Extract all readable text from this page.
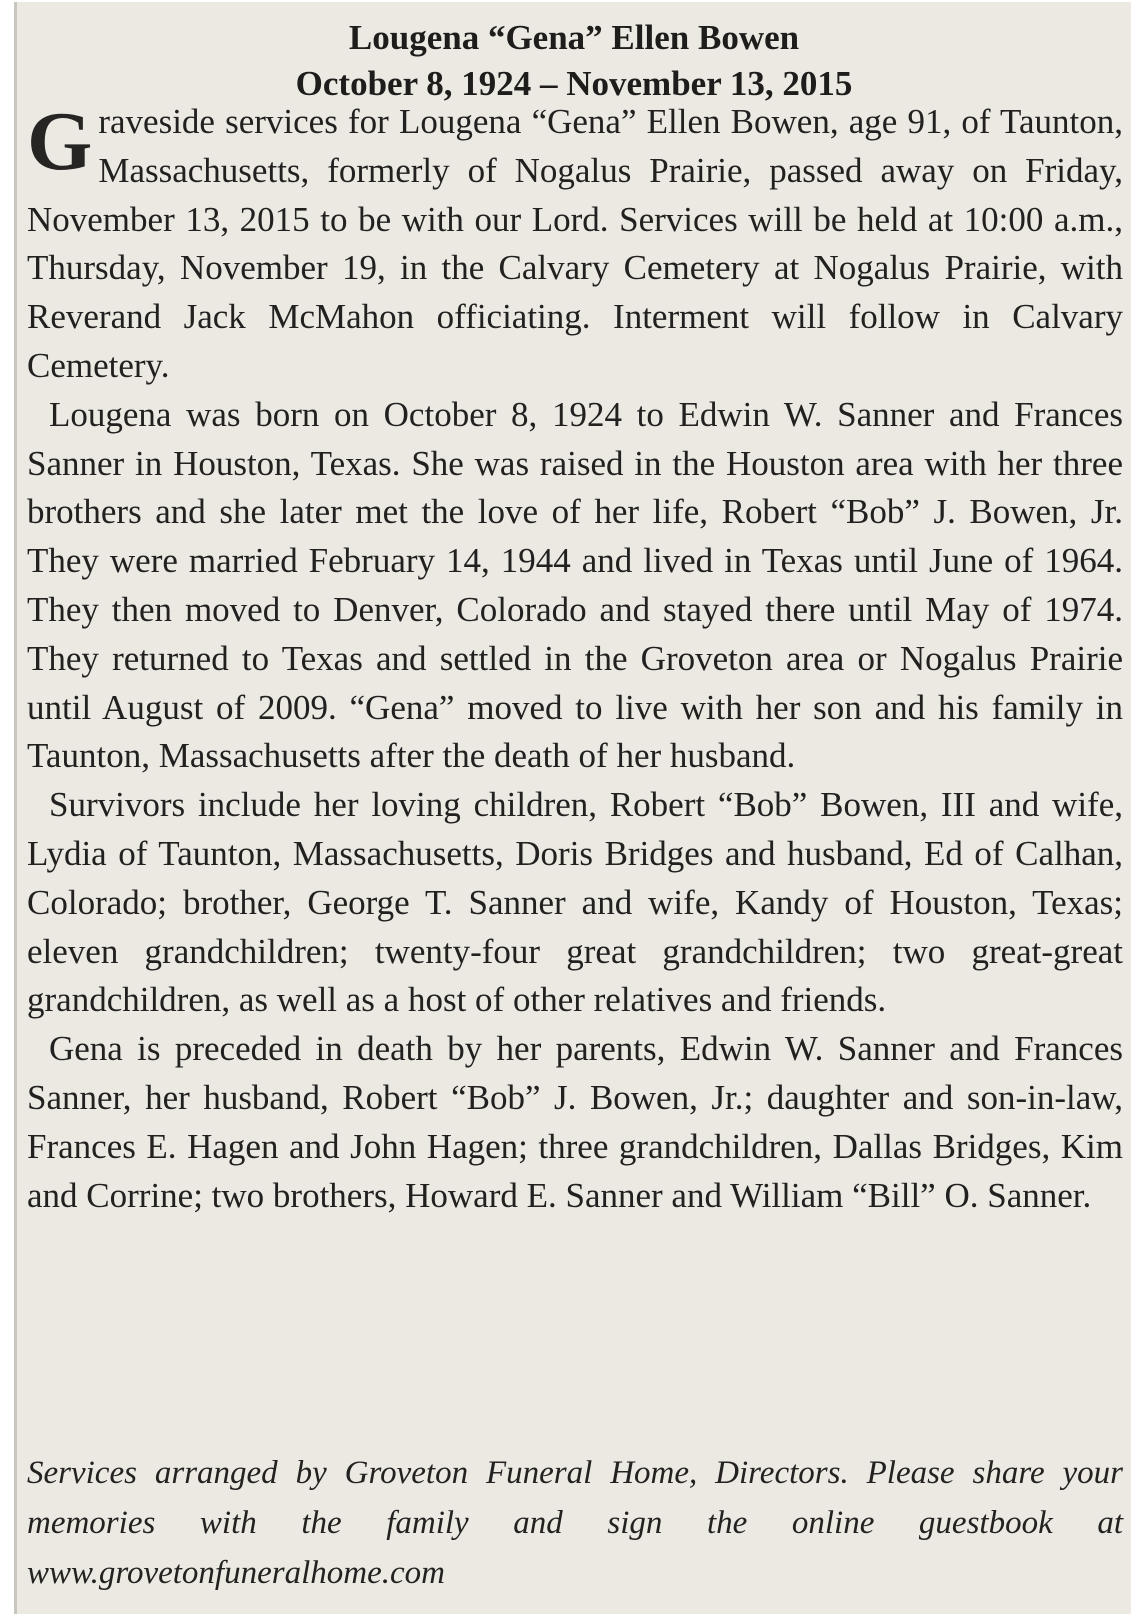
Lougena “Gena” Ellen Bowen
October 8, 1924 – November 13, 2015

Graveside services for Lougena “Gena” Ellen Bowen, age 91, of Taunton, Massachusetts, formerly of Nogalus Prairie, passed away on Friday, November 13, 2015 to be with our Lord. Services will be held at 10:00 a.m., Thursday, November 19, in the Calvary Cemetery at Nogalus Prairie, with Reverand Jack McMahon officiating. Interment will follow in Calvary Cemetery.

Lougena was born on October 8, 1924 to Edwin W. Sanner and Frances Sanner in Houston, Texas. She was raised in the Houston area with her three brothers and she later met the love of her life, Robert “Bob” J. Bowen, Jr. They were married February 14, 1944 and lived in Texas until June of 1964. They then moved to Denver, Colorado and stayed there until May of 1974. They returned to Texas and settled in the Groveton area or Nogalus Prairie until August of 2009. “Gena” moved to live with her son and his family in Taunton, Massachusetts after the death of her husband.

Survivors include her loving children, Robert “Bob” Bowen, III and wife, Lydia of Taunton, Massachusetts, Doris Bridges and husband, Ed of Calhan, Colorado; brother, George T. Sanner and wife, Kandy of Houston, Texas; eleven grandchildren; twenty-four great grandchildren; two great-great grandchildren, as well as a host of other relatives and friends.

Gena is preceded in death by her parents, Edwin W. Sanner and Frances Sanner, her husband, Robert “Bob” J. Bowen, Jr.; daughter and son-in-law, Frances E. Hagen and John Hagen; three grandchildren, Dallas Bridges, Kim and Corrine; two brothers, Howard E. Sanner and William “Bill” O. Sanner.

Services arranged by Groveton Funeral Home, Directors. Please share your memories with the family and sign the online guestbook at www.grovetonfuneralhome.com
